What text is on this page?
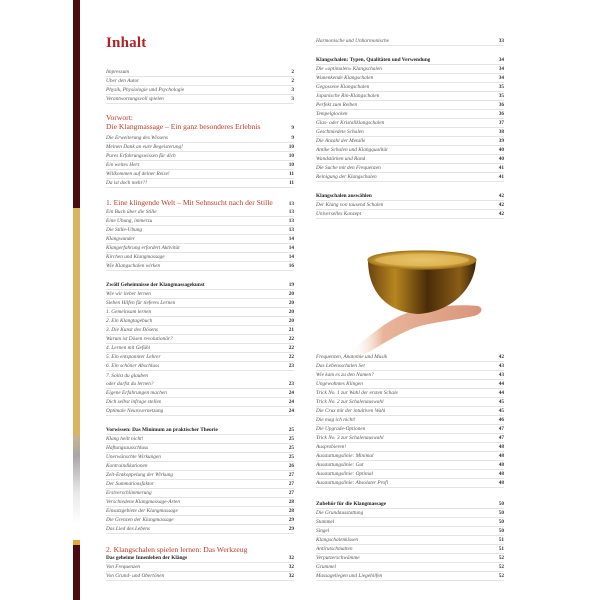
Inhalt
Impressum	2
Über den Autor	2
Physik, Physiologie und Psychologie	3
Verantwortungsvoll spielen	3
Vorwort:
Die Klangmassage – Ein ganz besonderes Erlebnis	9
Die Erweiterung des Wissens	9
Meinen Dank an eure Begeisterung!	10
Pures Erfahrungswissen für dich	10
Ein weites Herz	10
Willkommen auf deiner Reise!	11
Da ist doch mehr?!	11
1. Eine klingende Welt – Mit Sehnsucht nach der Stille	13
Ein Buch über die Stille	13
Eine Übung, immerzu	13
Die Stille-Übung	13
Klangwunder	14
Klangerfahrung erfordert Aktivität	14
Kirchen und Klangmassage	14
Wie Klangschalen wirken	16
Zwölf Geheimnisse der Klangmassagekunst	19
Wie wir lieber lernen	20
Sieben Hilfen für tieferes Lernen	20
1. Gemeinsam lernen	20
2. Ein Klangtagebuch	20
3. Die Kunst des Dösens	21
Warum ist Dösen revolutionär?	22
4. Lernen mit Gefühl	22
5. Ein entspannter Lehrer	22
6. Ein schöner Abschluss	23
7. Sollst du glauben
oder darfst du lernen?	23
Eigene Erfahrungen machen	24
Dich selbst infrage stellen	24
Optimale Neurovernetzung	24
Vorwissen: Das Minimum an praktischer Theorie	25
Klang heilt nicht!	25
Haftungsausschluss	25
Unerwünschte Wirkungen	25
Kontraindikationen	26
Zeit-Entkoppelung der Wirkung	27
Der Summationsfaktor	27
Erstverschlimmerung	27
Verschiedene Klangmassage-Arten	28
Einsatzgebiete der Klangmassage	28
Die Grenzen der Klangmassage	29
Das Lied des Lebens	29
2. Klangschalen spielen lernen: Das Werkzeug
Das geheime Innenleben der Klänge	32
Von Frequenzen	32
Von Grund- und Obertönen	32
Harmonische und Unharmonische	33
Klangschalen: Typen, Qualitäten und Verwendung	34
Die »optimalen« Klangschalen	34
Wunenkende Klangschalen	34
Gegossene Klangschalen	35
Japanische Rin-Klangschalen	35
Perfekt zum Reiben	36
Tempelglocken	36
Glas- oder Kristallklangschalen	37
Geschmiedete Schalen	38
Die Anzahl der Metalle	39
Antike Schalen und Klangqualität	40
Wandstärken und Rand	40
Die Suche mit den Frequenzen	41
Reinigung der Klangschalen	41
Klangschalen auswählen	42
Der Klang von tausend Schalen	42
Universelles Konzept	42
Frequenzen, Anatomie und Musik	42
Das Lebensschalen Set	43
Wie kam es zu den Namen?	43
Ungewohntes Klingen	44
Trick No. 1 zur Wahl der ersten Schale	44
Trick No. 2 zur Schalenauswahl	45
Die Crux mit der intuitiven Wahl	45
Die mag ich nicht!	46
Die Upgrade-Optionen	47
Trick No. 3 zur Schalenauswahl	47
Ausprobieren!	48
Ausstattungslinie: Minimal	48
Ausstattungslinie: Gut	48
Ausstattungslinie: Optimal	48
Ausstattungslinie: Absoluter Profi	48
Zubehör für die Klangmassage	50
Die Grundausstattung	50
Stammel	50
Singel	50
Klangschalenkissen	51
Antirutschmatten	51
Verputzerschwämme	52
Grummel	52
Massageliegen und Liegehilfen	52
